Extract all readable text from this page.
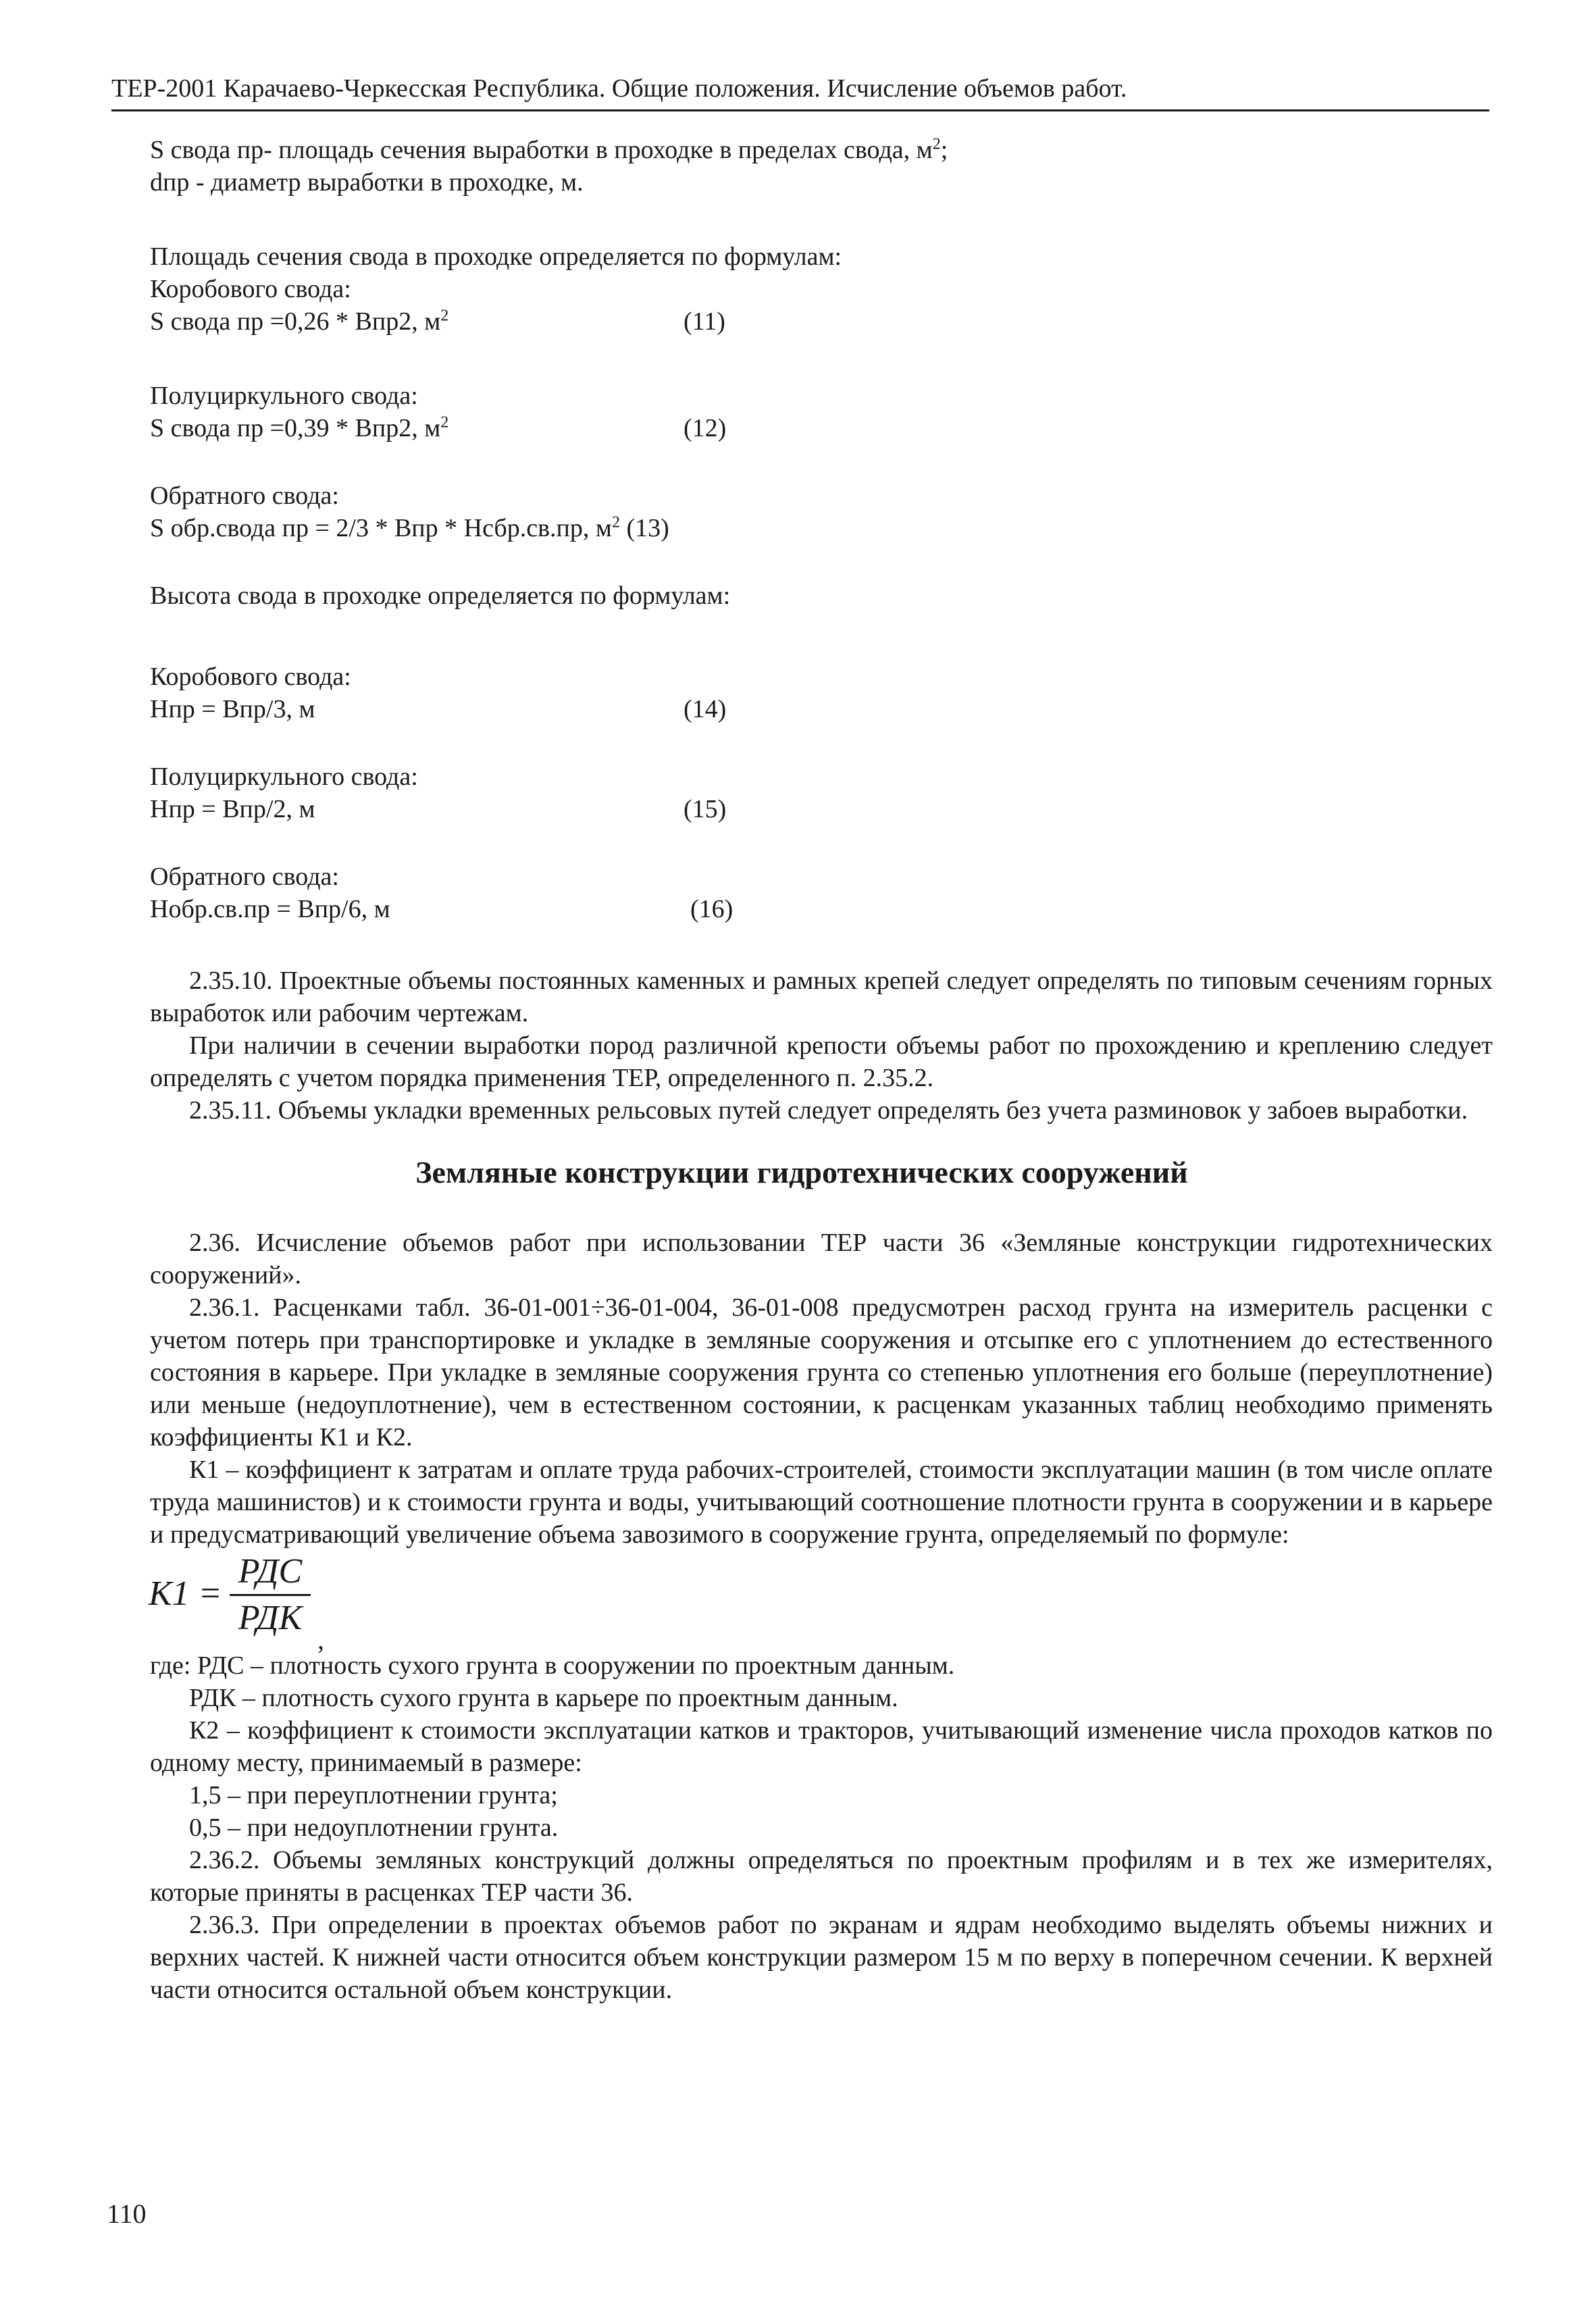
ТЕР-2001 Карачаево-Черкесская Республика. Общие положения. Исчисление объемов работ.

S свода пр- площадь сечения выработки в проходке в пределах свода, $м^2$;

dпр - диаметр выработки в проходке, м.

Площадь сечения свода в проходке определяется по формулам:

Коробового свода:

S свода пр =0,26 * Впр2, $м^2$	(11)

Полуциркульного свода:

S свода пр =0,39 * Впр2, $м^2$	(12)

Обратного свода:

S обр.свода пр = 2/3 * Впр * Нсбр.св.пр, $м^2$ (13)

Высота свода в проходке определяется по формулам:

Коробового свода:

Нпр = Впр/3, м	(14)

Полуциркульного свода:

Нпр = Впр/2, м	(15)

Обратного свода:

Нобр.св.пр = Впр/6, м	(16)

2.35.10. Проектные объемы постоянных каменных и рамных крепей следует определять по типовым сечениям горных выработок или рабочим чертежам.

При наличии в сечении выработки пород различной крепости объемы работ по прохождению и креплению следует определять с учетом порядка применения ТЕР, определенного п. 2.35.2.

2.35.11. Объемы укладки временных рельсовых путей следует определять без учета разминовок у забоев выработки.

Земляные конструкции гидротехнических сооружений

2.36. Исчисление объемов работ при использовании ТЕР части 36 «Земляные конструкции гидротехнических сооружений».

2.36.1. Расценками табл. 36-01-001÷36-01-004, 36-01-008 предусмотрен расход грунта на измеритель расценки с учетом потерь при транспортировке и укладке в земляные сооружения и отсыпке его с уплотнением до естественного состояния в карьере. При укладке в земляные сооружения грунта со степенью уплотнения его больше (переуплотнение) или меньше (недоуплотнение), чем в естественном состоянии, к расценкам указанных таблиц необходимо применять коэффициенты К1 и К2.

К1 – коэффициент к затратам и оплате труда рабочих-строителей, стоимости эксплуатации машин (в том числе оплате труда машинистов) и к стоимости грунта и воды, учитывающий соотношение плотности грунта в сооружении и в карьере и предусматривающий увеличение объема завозимого в сооружение грунта, определяемый по формуле:

К1 =
РДС
РДК
,

где: РДС – плотность сухого грунта в сооружении по проектным данным.

РДК – плотность сухого грунта в карьере по проектным данным.

К2 – коэффициент к стоимости эксплуатации катков и тракторов, учитывающий изменение числа проходов катков по одному месту, принимаемый в размере:

1,5 – при переуплотнении грунта;

0,5 – при недоуплотнении грунта.

2.36.2. Объемы земляных конструкций должны определяться по проектным профилям и в тех же измерителях, которые приняты в расценках ТЕР части 36.

2.36.3. При определении в проектах объемов работ по экранам и ядрам необходимо выделять объемы нижних и верхних частей. К нижней части относится объем конструкции размером 15 м по верху в поперечном сечении. К верхней части относится остальной объем конструкции.

110
